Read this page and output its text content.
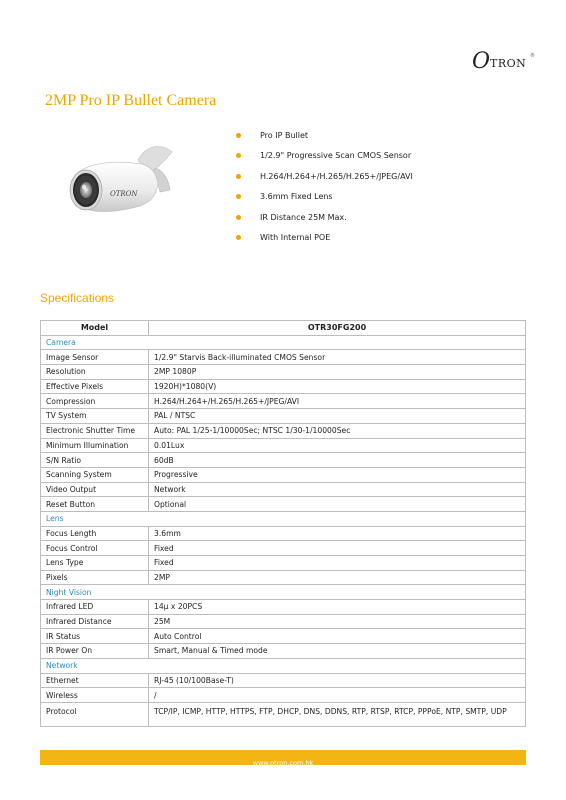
O TRON
®
2MP Pro IP Bullet Camera
OTRON
Pro IP Bullet
1/2.9" Progressive Scan CMOS Sensor
H.264/H.264+/H.265/H.265+/JPEG/AVI
3.6mm Fixed Lens
IR Distance 25M Max.
With Internal POE
Specifications
Model	OTR30FG200
Camera	
Image Sensor	1/2.9" Starvis Back-illuminated CMOS Sensor
Resolution	2MP 1080P
Effective Pixels	1920H)*1080(V)
Compression	H.264/H.264+/H.265/H.265+/JPEG/AVI
TV System	PAL / NTSC
Electronic Shutter Time	Auto: PAL 1/25-1/10000Sec; NTSC 1/30-1/10000Sec
Minimum Illumination	0.01Lux
S/N Ratio	60dB
Scanning System	Progressive
Video Output	Network
Reset Button	Optional
Lens	
Focus Length	3.6mm
Focus Control	Fixed
Lens Type	Fixed
Pixels	2MP
Night Vision	
Infrared LED	14μ x 20PCS
Infrared Distance	25M
IR Status	Auto Control
IR Power On	Smart, Manual & Timed mode
Network	
Ethernet	RJ-45 (10/100Base-T)
Wireless	/
Protocol	TCP/IP, ICMP, HTTP, HTTPS, FTP, DHCP, DNS, DDNS, RTP, RTSP, RTCP, PPPoE, NTP, SMTP, UDP
www.otron.com.hk
